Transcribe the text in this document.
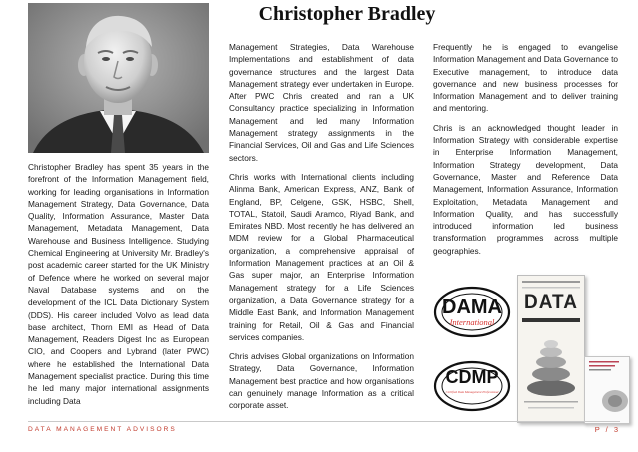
Christopher Bradley

Christopher Bradley has spent 35 years in the forefront of the Information Management field, working for leading organisations in Information Management Strategy, Data Governance, Data Quality, Information Assurance, Master Data Management, Metadata Management, Data Warehouse and Business Intelligence. Studying Chemical Engineering at University Mr. Bradley's post academic career started for the UK Ministry of Defence where he worked on several major Naval Database systems and on the development of the ICL Data Dictionary System (DDS). His career included Volvo as lead data base architect, Thorn EMI as Head of Data Management, Readers Digest Inc as European CIO, and Coopers and Lybrand (later PWC) where he established the International Data Management specialist practice. During this time he led many major international assignments including Data

Management Strategies, Data Warehouse Implementations and establishment of data governance structures and the largest Data Management strategy ever undertaken in Europe. After PWC Chris created and ran a UK Consultancy practice specializing in Information Management and led many Information Management strategy assignments in the Financial Services, Oil and Gas and Life Sciences sectors.

Chris works with International clients including Alinma Bank, American Express, ANZ, Bank of England, BP, Celgene, GSK, HSBC, Shell, TOTAL, Statoil, Saudi Aramco, Riyad Bank, and Emirates NBD. Most recently he has delivered an MDM review for a Global Pharmaceutical organization, a comprehensive appraisal of Information Management practices at an Oil & Gas super major, an Enterprise Information Management strategy for a Life Sciences organization, a Data Governance strategy for a Middle East Bank, and Information Management training for Retail, Oil & Gas and Financial services companies.

Chris advises Global organizations on Information Strategy, Data Governance, Information Management best practice and how organisations can genuinely manage Information as a critical corporate asset.

Frequently he is engaged to evangelise Information Management and Data Governance to Executive management, to introduce data governance and new business processes for Information Management and to deliver training and mentoring.

Chris is an acknowledged thought leader in Information Strategy with considerable expertise in Enterprise Information Management, Information Strategy development, Data Governance, Master and Reference Data Management, Information Assurance, Information Exploitation, Metadata Management and Information Quality, and has successfully introduced information led business transformation programmes across multiple geographies.

DAMA
International
CDMP
Certified Data Management Professional
DATA
DATA MANAGEMENT ADVISORS	P / 3
